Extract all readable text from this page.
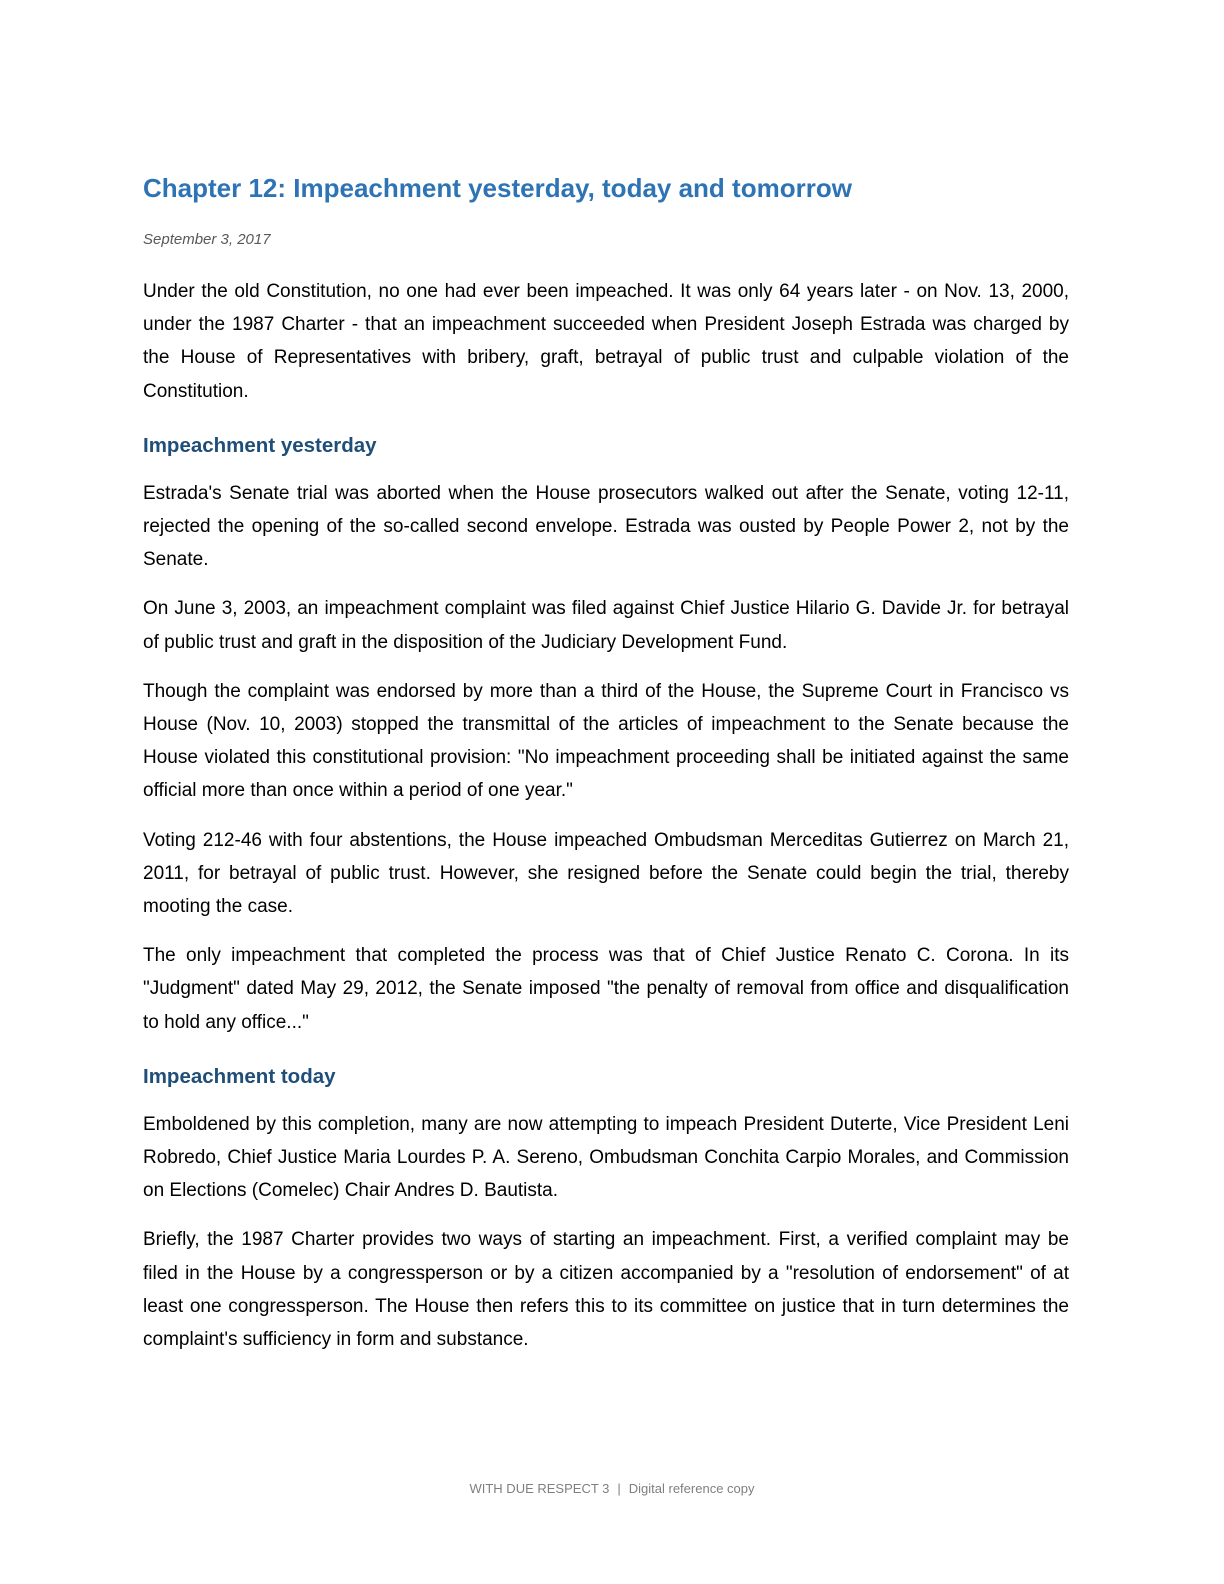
Chapter 12: Impeachment yesterday, today and tomorrow
September 3, 2017

Under the old Constitution, no one had ever been impeached. It was only 64 years later - on Nov. 13, 2000, under the 1987 Charter - that an impeachment succeeded when President Joseph Estrada was charged by the House of Representatives with bribery, graft, betrayal of public trust and culpable violation of the Constitution.

Impeachment yesterday

Estrada's Senate trial was aborted when the House prosecutors walked out after the Senate, voting 12-11, rejected the opening of the so-called second envelope. Estrada was ousted by People Power 2, not by the Senate.

On June 3, 2003, an impeachment complaint was filed against Chief Justice Hilario G. Davide Jr. for betrayal of public trust and graft in the disposition of the Judiciary Development Fund.

Though the complaint was endorsed by more than a third of the House, the Supreme Court in Francisco vs House (Nov. 10, 2003) stopped the transmittal of the articles of impeachment to the Senate because the House violated this constitutional provision: "No impeachment proceeding shall be initiated against the same official more than once within a period of one year."

Voting 212-46 with four abstentions, the House impeached Ombudsman Merceditas Gutierrez on March 21, 2011, for betrayal of public trust. However, she resigned before the Senate could begin the trial, thereby mooting the case.

The only impeachment that completed the process was that of Chief Justice Renato C. Corona. In its "Judgment" dated May 29, 2012, the Senate imposed "the penalty of removal from office and disqualification to hold any office..."

Impeachment today

Emboldened by this completion, many are now attempting to impeach President Duterte, Vice President Leni Robredo, Chief Justice Maria Lourdes P. A. Sereno, Ombudsman Conchita Carpio Morales, and Commission on Elections (Comelec) Chair Andres D. Bautista.

Briefly, the 1987 Charter provides two ways of starting an impeachment. First, a verified complaint may be filed in the House by a congressperson or by a citizen accompanied by a "resolution of endorsement" of at least one congressperson. The House then refers this to its committee on justice that in turn determines the complaint's sufficiency in form and substance.

WITH DUE RESPECT 3 | Digital reference copy
